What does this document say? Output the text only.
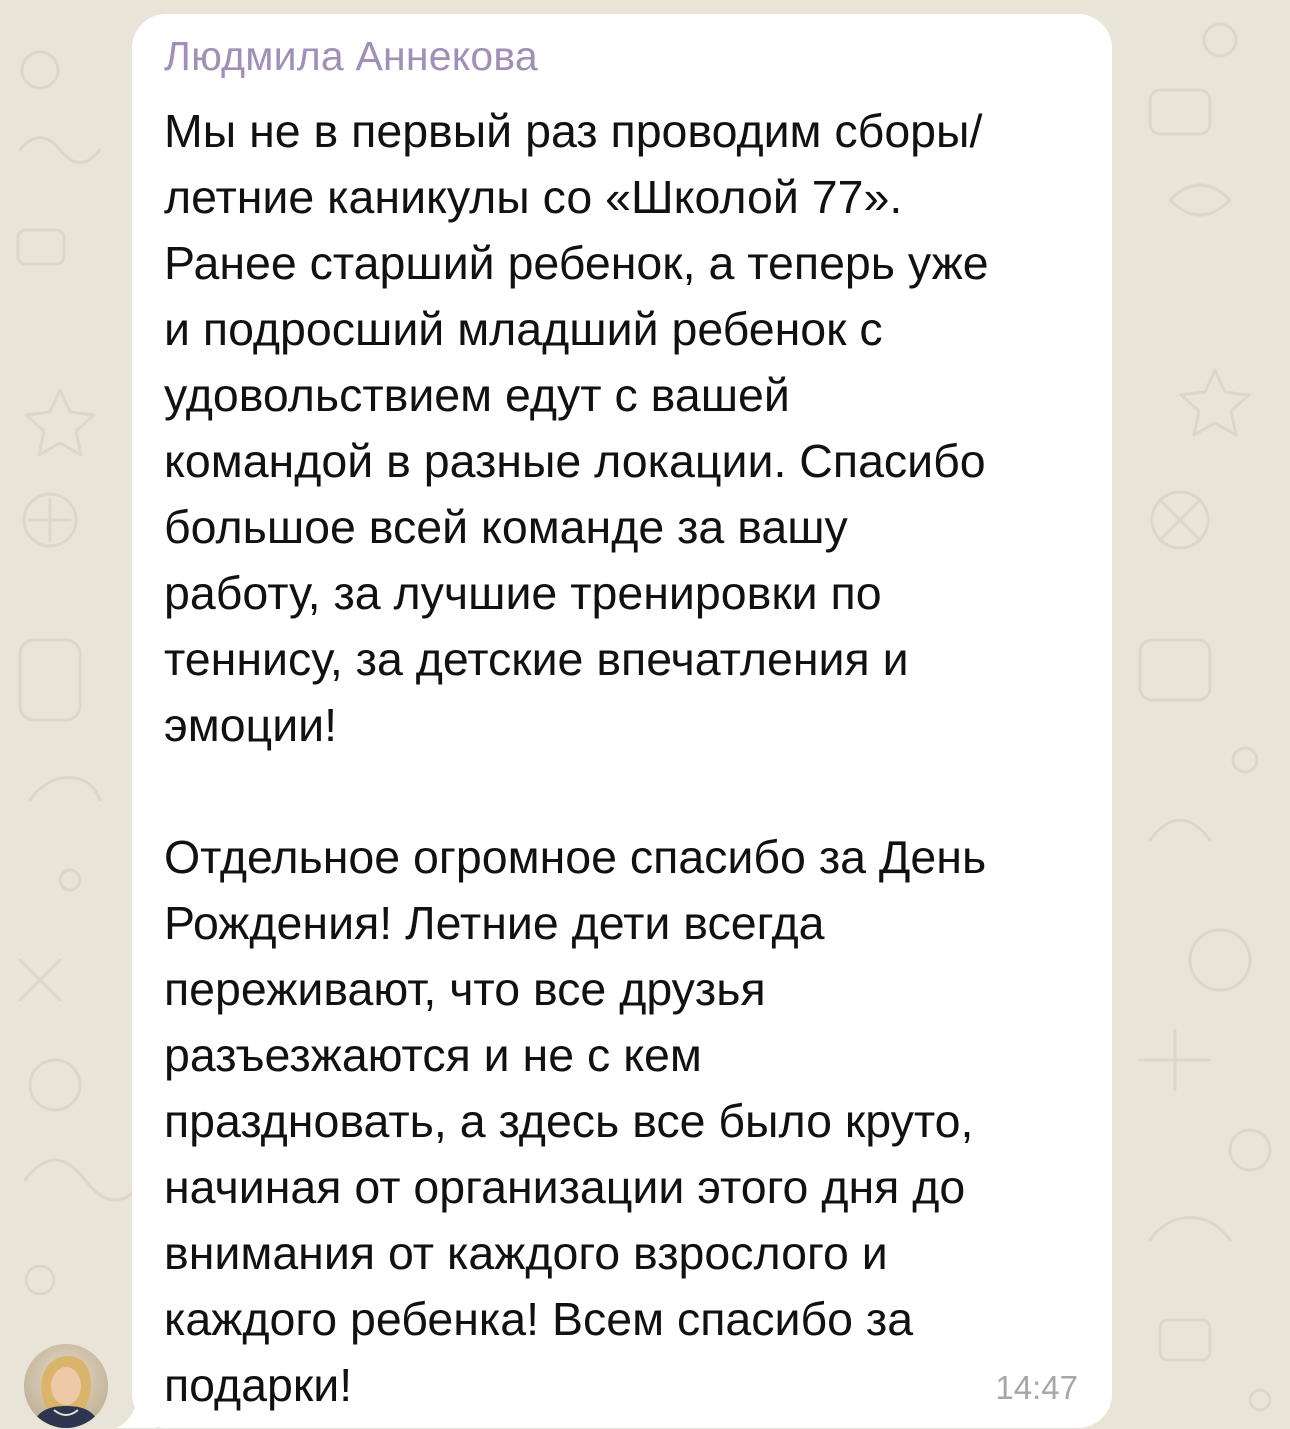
Людмила Аннекова
Мы не в первый раз проводим сборы/
летние каникулы со «Школой 77».
Ранее старший ребенок, а теперь уже
и подросший младший ребенок с
удовольствием едут с вашей
командой в разные локации. Спасибо
большое всей команде за вашу
работу, за лучшие тренировки по
теннису, за детские впечатления и
эмоции!

Отдельное огромное спасибо за День
Рождения! Летние дети всегда
переживают, что все друзья
разъезжаются и не с кем
праздновать, а здесь все было круто,
начиная от организации этого дня до
внимания от каждого взрослого и
каждого ребенка! Всем спасибо за
подарки!	14:47
